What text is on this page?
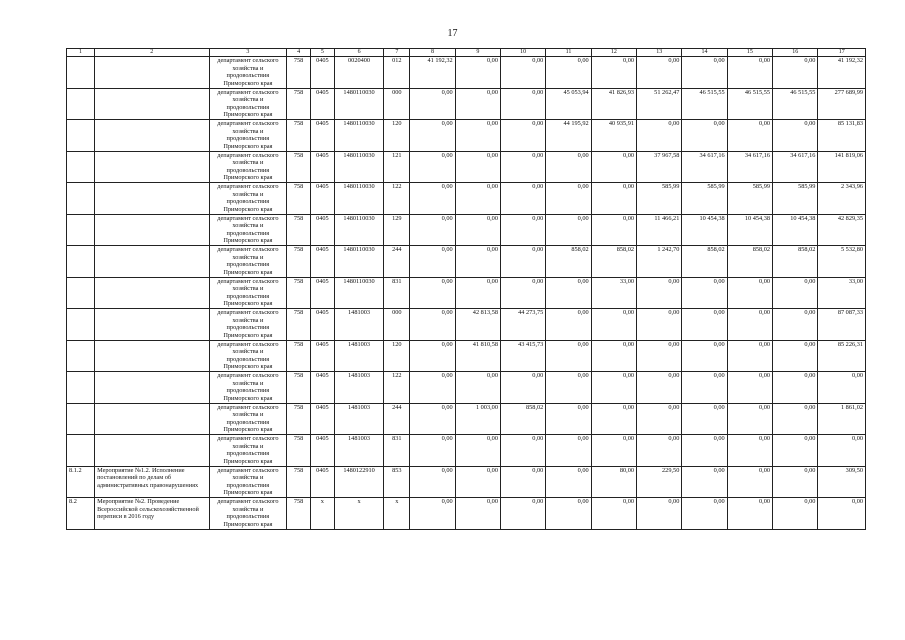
17
1	2	3	4	5	6	7	8	9	10	11	12	13	14	15	16	17
		департамент сельского хозяйства и продовольствия Приморского края	758	0405	0020400	012	41 192,32	0,00	0,00	0,00	0,00	0,00	0,00	0,00	0,00	41 192,32
		департамент сельского хозяйства и продовольствия Приморского края	758	0405	1480110030	000	0,00	0,00	0,00	45 053,94	41 826,93	51 262,47	46 515,55	46 515,55	46 515,55	277 689,99
		департамент сельского хозяйства и продовольствия Приморского края	758	0405	1480110030	120	0,00	0,00	0,00	44 195,92	40 935,91	0,00	0,00	0,00	0,00	85 131,83
		департамент сельского хозяйства и продовольствия Приморского края	758	0405	1480110030	121	0,00	0,00	0,00	0,00	0,00	37 967,58	34 617,16	34 617,16	34 617,16	141 819,06
		департамент сельского хозяйства и продовольствия Приморского края	758	0405	1480110030	122	0,00	0,00	0,00	0,00	0,00	585,99	585,99	585,99	585,99	2 343,96
		департамент сельского хозяйства и продовольствия Приморского края	758	0405	1480110030	129	0,00	0,00	0,00	0,00	0,00	11 466,21	10 454,38	10 454,38	10 454,38	42 829,35
		департамент сельского хозяйства и продовольствия Приморского края	758	0405	1480110030	244	0,00	0,00	0,00	858,02	858,02	1 242,70	858,02	858,02	858,02	5 532,80
		департамент сельского хозяйства и продовольствия Приморского края	758	0405	1480110030	831	0,00	0,00	0,00	0,00	33,00	0,00	0,00	0,00	0,00	33,00
		департамент сельского хозяйства и продовольствия Приморского края	758	0405	1481003	000	0,00	42 813,58	44 273,75	0,00	0,00	0,00	0,00	0,00	0,00	87 087,33
		департамент сельского хозяйства и продовольствия Приморского края	758	0405	1481003	120	0,00	41 810,58	43 415,73	0,00	0,00	0,00	0,00	0,00	0,00	85 226,31
		департамент сельского хозяйства и продовольствия Приморского края	758	0405	1481003	122	0,00	0,00	0,00	0,00	0,00	0,00	0,00	0,00	0,00	0,00
		департамент сельского хозяйства и продовольствия Приморского края	758	0405	1481003	244	0,00	1 003,00	858,02	0,00	0,00	0,00	0,00	0,00	0,00	1 861,02
		департамент сельского хозяйства и продовольствия Приморского края	758	0405	1481003	831	0,00	0,00	0,00	0,00	0,00	0,00	0,00	0,00	0,00	0,00
8.1.2	Мероприятие №1.2. Исполнение постановлений по делам об административных правонарушениях	департамент сельского хозяйства и продовольствия Приморского края	758	0405	1480122910	853	0,00	0,00	0,00	0,00	80,00	229,50	0,00	0,00	0,00	309,50
8.2	Мероприятие №2. Проведение Всероссийской сельскохозяйственной переписи в 2016 году	департамент сельского хозяйства и продовольствия Приморского края	758	x	x	x	0,00	0,00	0,00	0,00	0,00	0,00	0,00	0,00	0,00	0,00
